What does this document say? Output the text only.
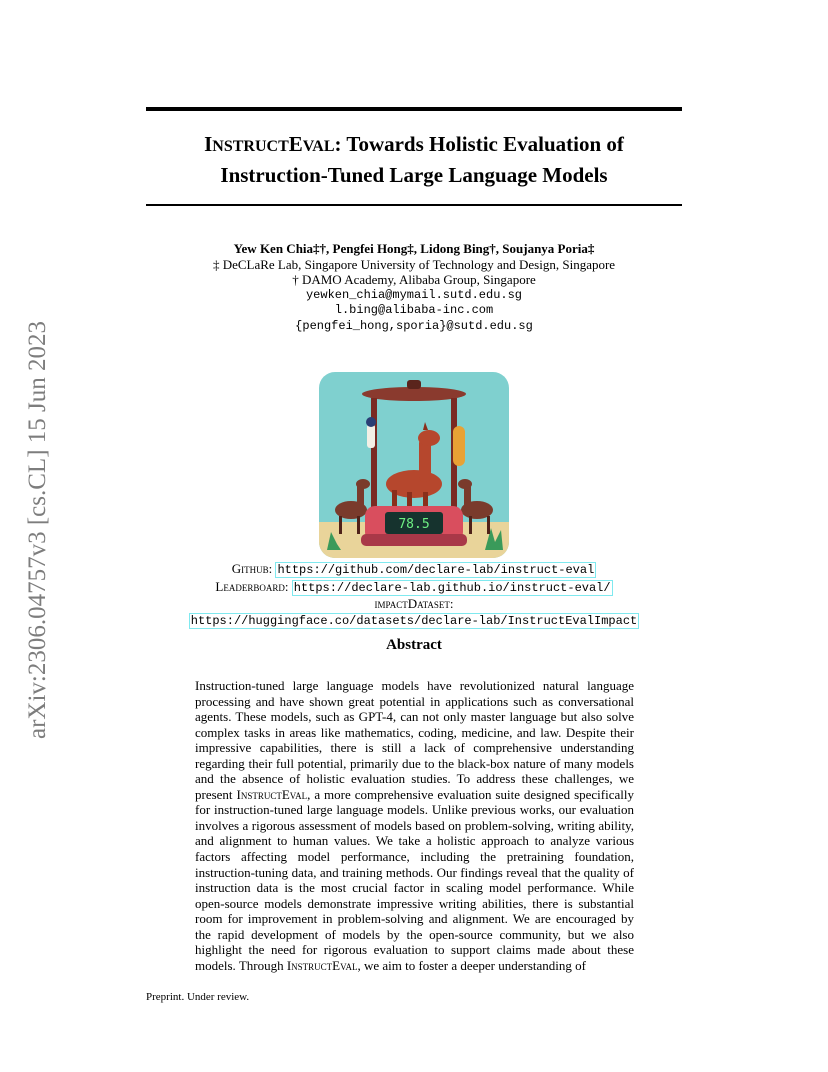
arXiv:2306.04757v3 [cs.CL] 15 Jun 2023
INSTRUCTEVAL: Towards Holistic Evaluation of
Instruction-Tuned Large Language Models
Yew Ken Chia‡†, Pengfei Hong‡, Lidong Bing†, Soujanya Poria‡
‡ DeCLaRe Lab, Singapore University of Technology and Design, Singapore
† DAMO Academy, Alibaba Group, Singapore
yewken_chia@mymail.sutd.edu.sg
l.bing@alibaba-inc.com
{pengfei_hong,sporia}@sutd.edu.sg
78.5
Github: https://github.com/declare-lab/instruct-eval
Leaderboard: https://declare-lab.github.io/instruct-eval/
impactDataset:
https://huggingface.co/datasets/declare-lab/InstructEvalImpact
Abstract
Instruction-tuned large language models have revolutionized natural language processing and have shown great potential in applications such as conversational agents. These models, such as GPT-4, can not only master language but also solve complex tasks in areas like mathematics, coding, medicine, and law. Despite their impressive capabilities, there is still a lack of comprehensive understanding regarding their full potential, primarily due to the black-box nature of many models and the absence of holistic evaluation studies. To address these challenges, we present InstructEval, a more comprehensive evaluation suite designed specifically for instruction-tuned large language models. Unlike previous works, our evaluation involves a rigorous assessment of models based on problem-solving, writing ability, and alignment to human values. We take a holistic approach to analyze various factors affecting model performance, including the pretraining foundation, instruction-tuning data, and training methods. Our findings reveal that the quality of instruction data is the most crucial factor in scaling model performance. While open-source models demonstrate impressive writing abilities, there is substantial room for improvement in problem-solving and alignment. We are encouraged by the rapid development of models by the open-source community, but we also highlight the need for rigorous evaluation to support claims made about these models. Through InstructEval, we aim to foster a deeper understanding of
Preprint. Under review.
